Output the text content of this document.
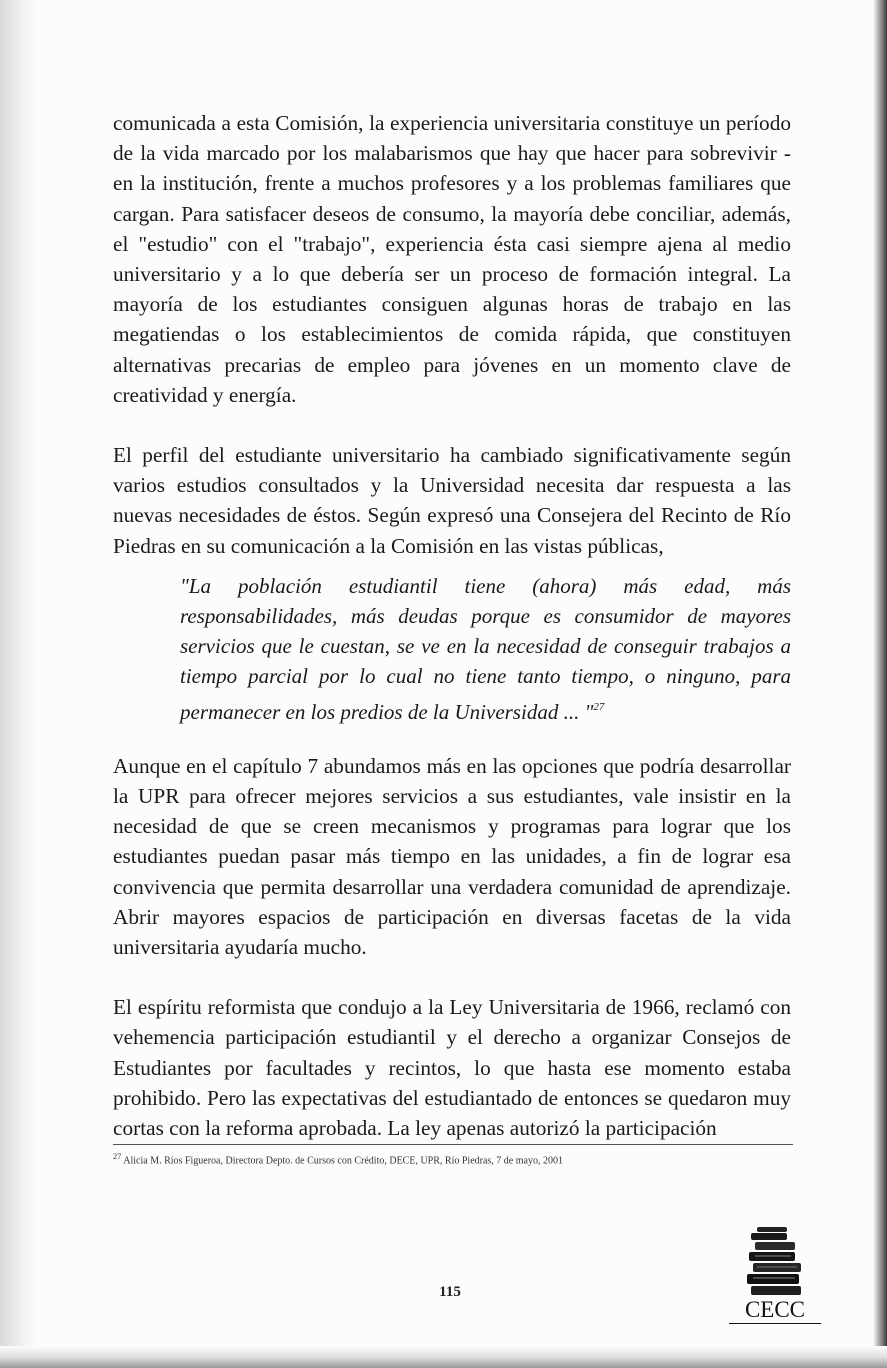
comunicada a esta Comisión, la experiencia universitaria constituye un período de la vida marcado por los malabarismos que hay que hacer para sobrevivir - en la institución, frente a muchos profesores y a los problemas familiares que cargan. Para satisfacer deseos de consumo, la mayoría debe conciliar, además, el "estudio" con el "trabajo", experiencia ésta casi siempre ajena al medio universitario y a lo que debería ser un proceso de formación integral. La mayoría de los estudiantes consiguen algunas horas de trabajo en las megatiendas o los establecimientos de comida rápida, que constituyen alternativas precarias de empleo para jóvenes en un momento clave de creatividad y energía.

El perfil del estudiante universitario ha cambiado significativamente según varios estudios consultados y la Universidad necesita dar respuesta a las nuevas necesidades de éstos. Según expresó una Consejera del Recinto de Río Piedras en su comunicación a la Comisión en las vistas públicas,

"La población estudiantil tiene (ahora) más edad, más responsabilidades, más deudas porque es consumidor de mayores servicios que le cuestan, se ve en la necesidad de conseguir trabajos a tiempo parcial por lo cual no tiene tanto tiempo, o ninguno, para permanecer en los predios de la Universidad ... "$^{27}$

Aunque en el capítulo 7 abundamos más en las opciones que podría desarrollar la UPR para ofrecer mejores servicios a sus estudiantes, vale insistir en la necesidad de que se creen mecanismos y programas para lograr que los estudiantes puedan pasar más tiempo en las unidades, a fin de lograr esa convivencia que permita desarrollar una verdadera comunidad de aprendizaje. Abrir mayores espacios de participación en diversas facetas de la vida universitaria ayudaría mucho.

El espíritu reformista que condujo a la Ley Universitaria de 1966, reclamó con vehemencia participación estudiantil y el derecho a organizar Consejos de Estudiantes por facultades y recintos, lo que hasta ese momento estaba prohibido. Pero las expectativas del estudiantado de entonces se quedaron muy cortas con la reforma aprobada. La ley apenas autorizó la participación

$^{27}$ Alicia M. Ríos Figueroa, Directora Depto. de Cursos con Crédito, DECE, UPR, Río Piedras, 7 de mayo, 2001
115
CECC
